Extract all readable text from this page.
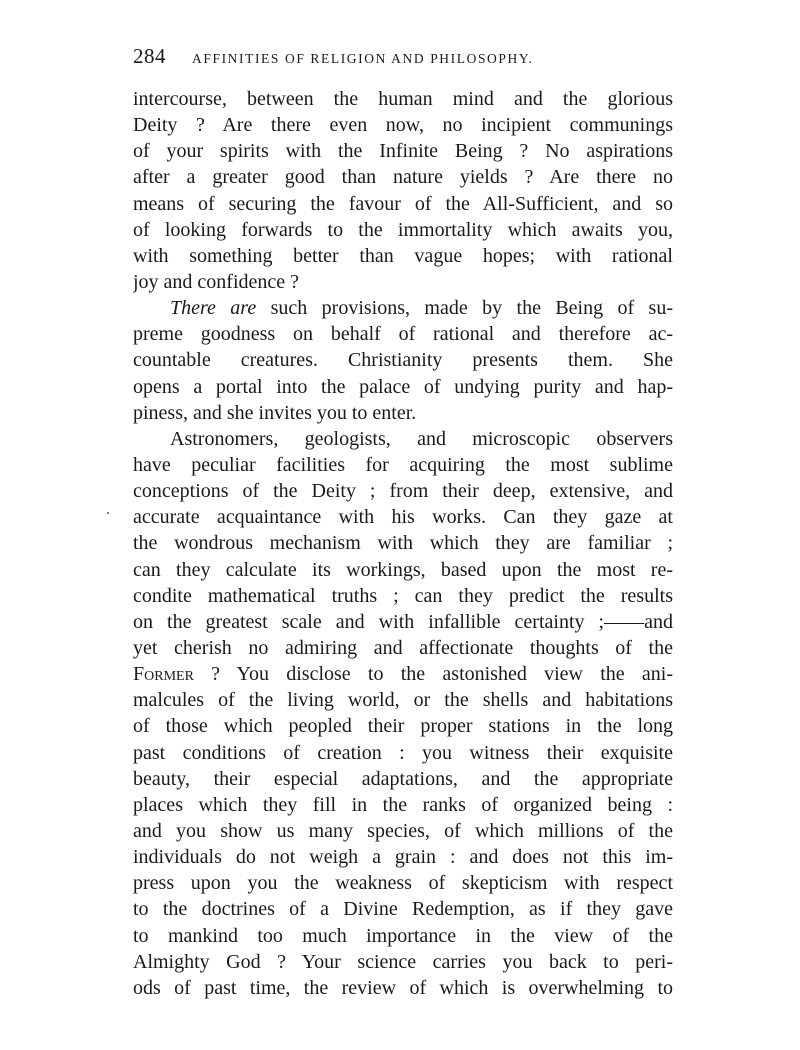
284 AFFINITIES OF RELIGION AND PHILOSOPHY.
intercourse, between the human mind and the glorious
Deity ? Are there even now, no incipient communings
of your spirits with the Infinite Being ? No aspirations
after a greater good than nature yields ? Are there no
means of securing the favour of the All-Sufficient, and so
of looking forwards to the immortality which awaits you,
with something better than vague hopes; with rational
joy and confidence ?
There are such provisions, made by the Being of su-
preme goodness on behalf of rational and therefore ac-
countable creatures. Christianity presents them. She
opens a portal into the palace of undying purity and hap-
piness, and she invites you to enter.
Astronomers, geologists, and microscopic observers
have peculiar facilities for acquiring the most sublime
conceptions of the Deity ; from their deep, extensive, and
accurate acquaintance with his works. Can they gaze at
the wondrous mechanism with which they are familiar ;
can they calculate its workings, based upon the most re-
condite mathematical truths ; can they predict the results
on the greatest scale and with infallible certainty ;——and
yet cherish no admiring and affectionate thoughts of the
Former ? You disclose to the astonished view the ani-
malcules of the living world, or the shells and habitations
of those which peopled their proper stations in the long
past conditions of creation : you witness their exquisite
beauty, their especial adaptations, and the appropriate
places which they fill in the ranks of organized being :
and you show us many species, of which millions of the
individuals do not weigh a grain : and does not this im-
press upon you the weakness of skepticism with respect
to the doctrines of a Divine Redemption, as if they gave
to mankind too much importance in the view of the
Almighty God ? Your science carries you back to peri-
ods of past time, the review of which is overwhelming to
